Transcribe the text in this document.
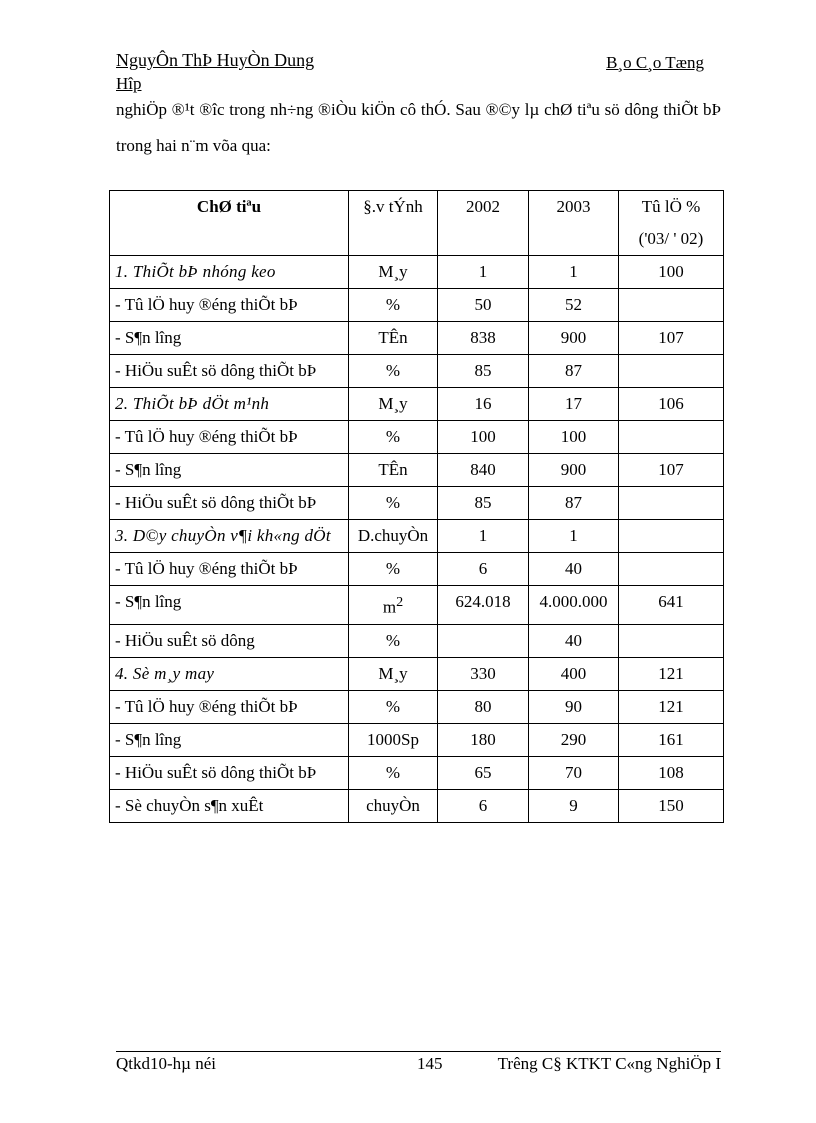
NguyÔn ThÞ HuyÒn Dung	B¸o C¸o Tæng
Hîp

nghiÖp ®¹t ®îc trong nh÷ng ®iÒu kiÖn cô thÓ. Sau ®©y lµ chØ tiªu sö dông thiÕt bÞ trong hai n¨m võa qua:

ChØ tiªu	§.v tÝnh	2002	2003	Tû lÖ %
('03/ ' 02)

1. ThiÕt bÞ nhóng keo	M¸y	1	1	100
- Tû lÖ huy ®éng thiÕt bÞ	%	50	52	
- S¶n lîng	TÊn	838	900	107
- HiÖu suÊt sö dông thiÕt bÞ	%	85	87	
2. ThiÕt bÞ dÖt m¹nh	M¸y	16	17	106
- Tû lÖ huy ®éng thiÕt bÞ	%	100	100	
- S¶n lîng	TÊn	840	900	107
- HiÖu suÊt sö dông thiÕt bÞ	%	85	87	
3. D©y chuyÒn v¶i kh«ng dÖt	D.chuyÒn	1	1	
- Tû lÖ huy ®éng thiÕt bÞ	%	6	40	
- S¶n lîng	$m^2$	624.018	4.000.000	641
- HiÖu suÊt sö dông	%		40	
4. Sè m¸y may	M¸y	330	400	121
- Tû lÖ huy ®éng thiÕt bÞ	%	80	90	121
- S¶n lîng	1000Sp	180	290	161
- HiÖu suÊt sö dông thiÕt bÞ	%	65	70	108
- Sè chuyÒn s¶n xuÊt	chuyÒn	6	9	150
Qtkd10-hµ néi	145	Trêng C§ KTKT C«ng NghiÖp I
